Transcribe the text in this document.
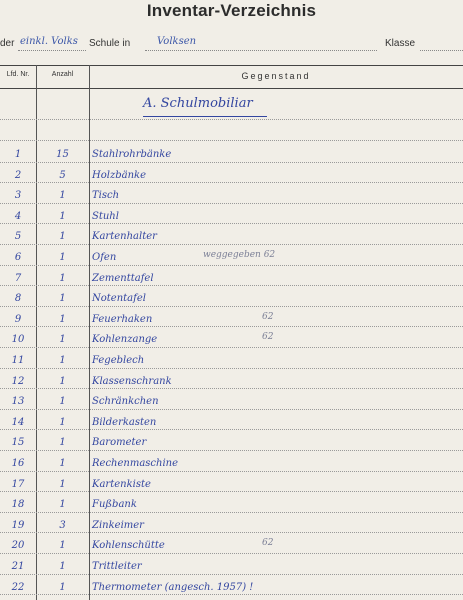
Inventar-Verzeichnis
der einkl. Volks Schule in	Volksen	Klasse
Lfd. Nr.	Anzahl	Gegenstand
A. Schulmobiliar
1	15	Stahlrohrbänke
2	5	Holzbänke
3	1	Tisch
4	1	Stuhl
5	1	Kartenhalter
6	1	Ofen	weggegeben 62
7	1	Zementtafel
8	1	Notentafel
9	1	Feuerhaken	62
10	1	Kohlenzange	62
11	1	Fegeblech
12	1	Klassenschrank
13	1	Schränkchen
14	1	Bilderkasten
15	1	Barometer
16	1	Rechenmaschine
17	1	Kartenkiste
18	1	Fußbank
19	3	Zinkeimer
20	1	Kohlenschütte	62
21	1	Trittleiter
22	1	Thermometer (angesch. 1957) !
